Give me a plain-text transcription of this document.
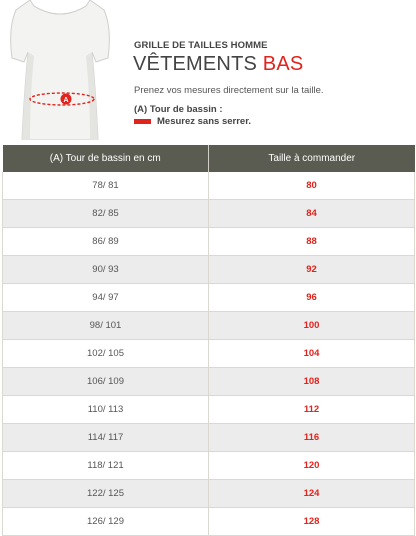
A
GRILLE DE TAILLES HOMME
VÊTEMENTS BAS
Prenez vos mesures directement sur la taille.
(A) Tour de bassin :
Mesurez sans serrer.
(A) Tour de bassin en cm	Taille à commander
78/ 81	80
82/ 85	84
86/ 89	88
90/ 93	92
94/ 97	96
98/ 101	100
102/ 105	104
106/ 109	108
110/ 113	112
114/ 117	116
118/ 121	120
122/ 125	124
126/ 129	128
